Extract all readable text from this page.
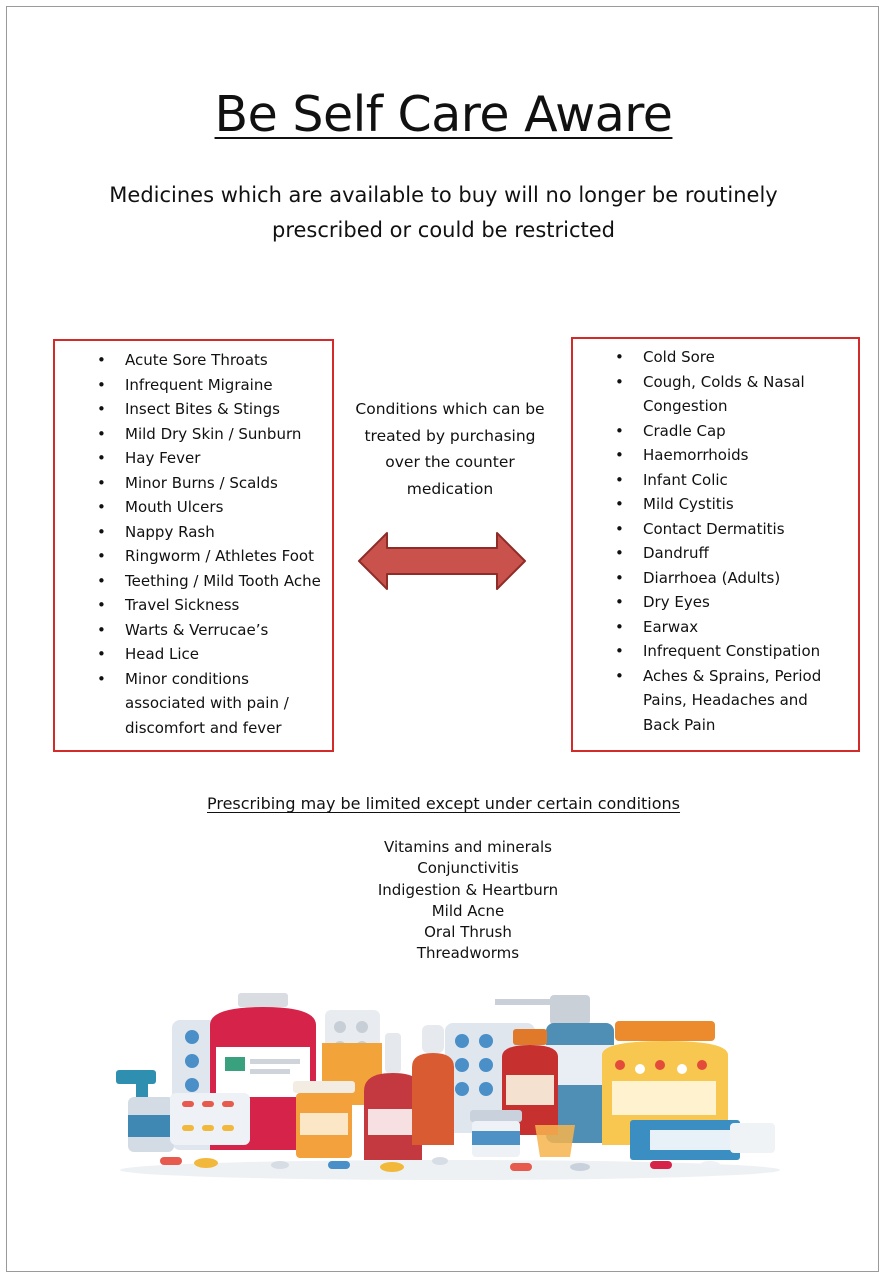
Be Self Care Aware
Medicines which are available to buy will no longer be routinely prescribed or could be restricted
• Acute Sore Throats
• Infrequent Migraine
• Insect Bites & Stings
• Mild Dry Skin / Sunburn
• Hay Fever
• Minor Burns / Scalds
• Mouth Ulcers
• Nappy Rash
• Ringworm / Athletes Foot
• Teething / Mild Tooth Ache
• Travel Sickness
• Warts & Verrucae’s
• Head Lice
• Minor conditions associated with pain / discomfort and fever
Conditions which can be treated by purchasing over the counter medication
• Cold Sore
• Cough, Colds & Nasal Congestion
• Cradle Cap
• Haemorrhoids
• Infant Colic
• Mild Cystitis
• Contact Dermatitis
• Dandruff
• Diarrhoea (Adults)
• Dry Eyes
• Earwax
• Infrequent Constipation
• Aches & Sprains, Period Pains, Headaches and Back Pain
Prescribing may be limited except under certain conditions
Vitamins and minerals
Conjunctivitis
Indigestion & Heartburn
Mild Acne
Oral Thrush
Threadworms
